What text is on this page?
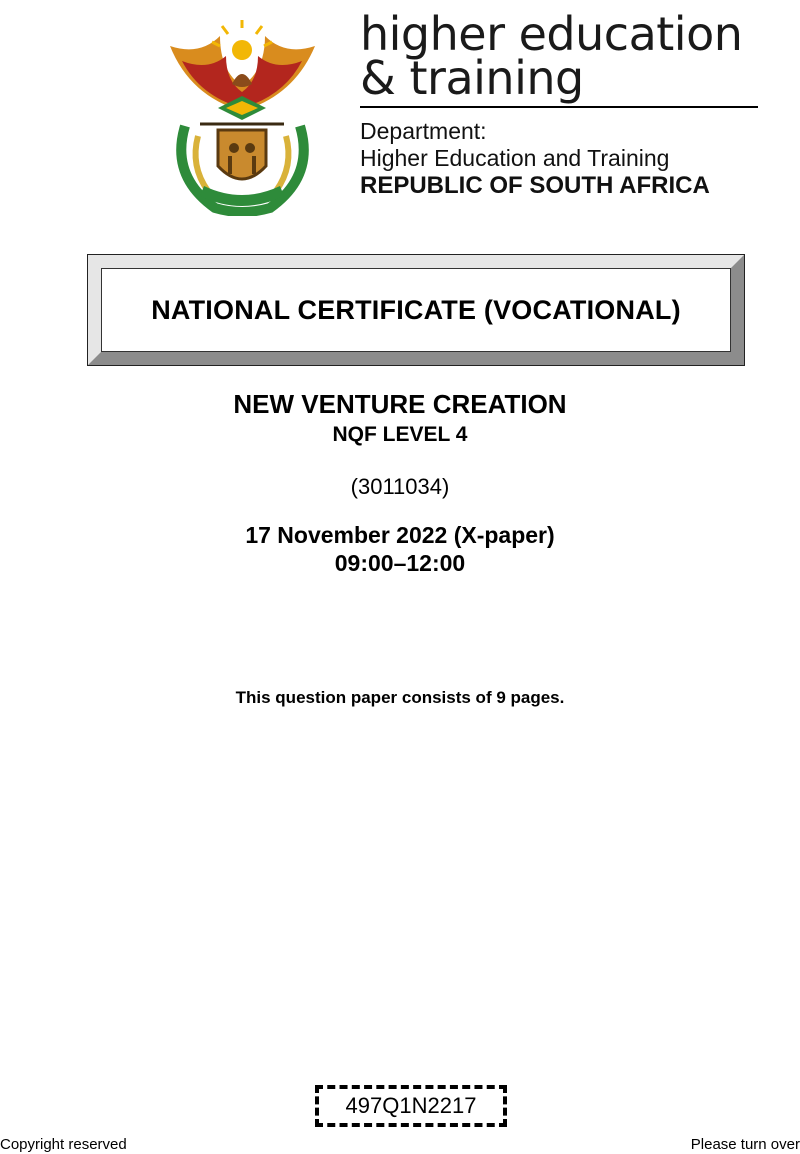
higher education
& training
Department:
Higher Education and Training
REPUBLIC OF SOUTH AFRICA
NATIONAL CERTIFICATE (VOCATIONAL)
NEW VENTURE CREATION
NQF LEVEL 4
(3011034)
17 November 2022 (X-paper)
09:00–12:00
This question paper consists of 9 pages.
497Q1N2217
Copyright reserved	Please turn over
